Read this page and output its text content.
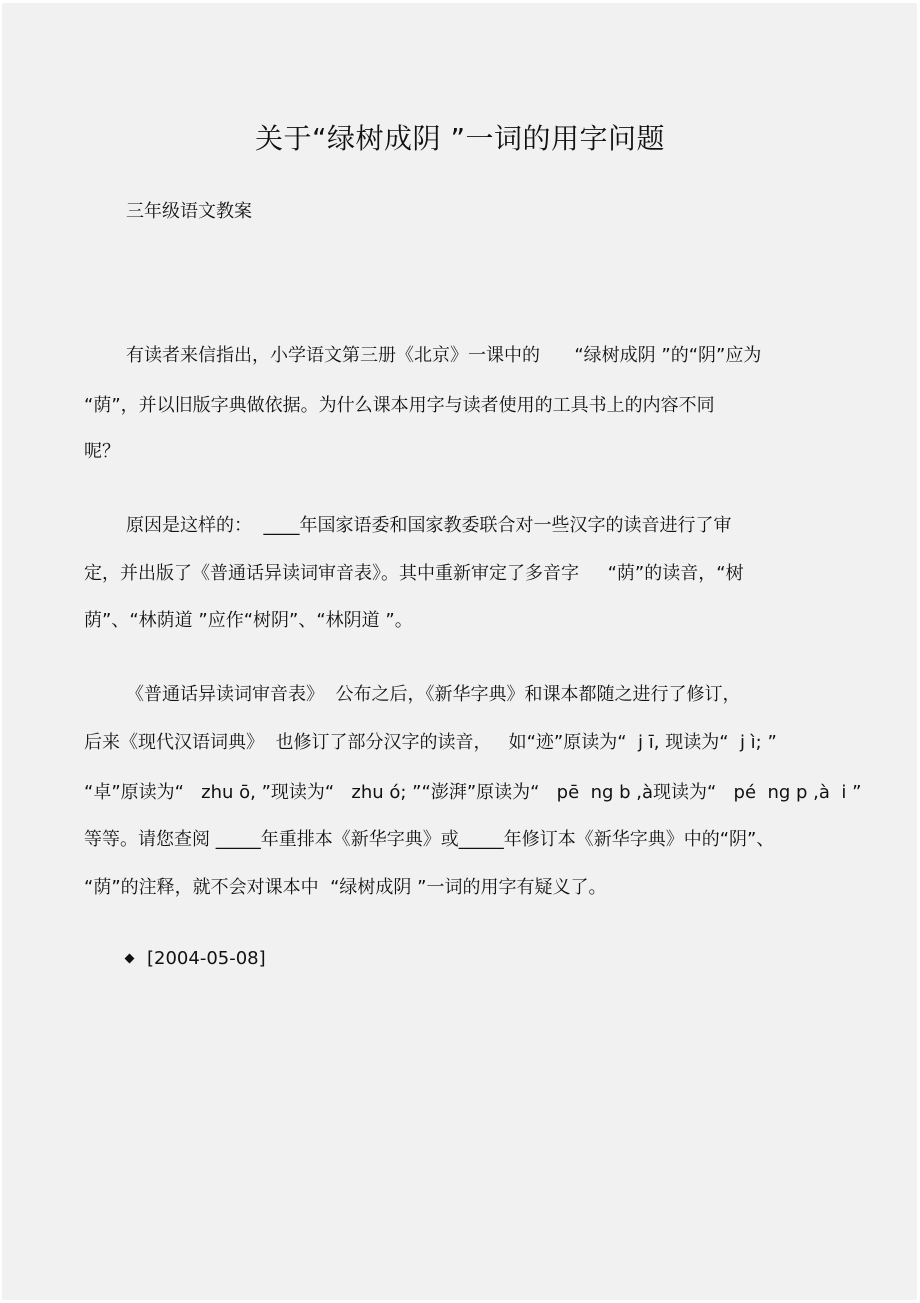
关于“绿树成阴 ”一词的用字问题
三年级语文教案
有读者来信指出，小学语文第三册《北京》一课中的      “绿树成阴 ”的“阴”应为
“荫”，并以旧版字典做依据。为什么课本用字与读者使用的工具书上的内容不同
呢？
原因是这样的：  ____年国家语委和国家教委联合对一些汉字的读音进行了审
定，并出版了《普通话异读词审音表》。其中重新审定了多音字     “荫”的读音，“树
荫”、“林荫道 ”应作“树阴”、“林阴道 ”。
《普通话异读词审音表》  公布之后，《新华字典》和课本都随之进行了修订，
后来《现代汉语词典》  也修订了部分汉字的读音，   如“迹”原读为“  j ī, 现读为“  j ì; ”
“卓”原读为“   zhu ō, ”现读为“   zhu ó; ”“澎湃”原读为“   pē  ng b ,à现读为“   pé  ng p ,à  i ”
等等。请您查阅 _____年重排本《新华字典》或_____年修订本《新华字典》中的“阴”、
“荫”的注释，就不会对课本中  “绿树成阴 ”一词的用字有疑义了。
[2004-05-08]
